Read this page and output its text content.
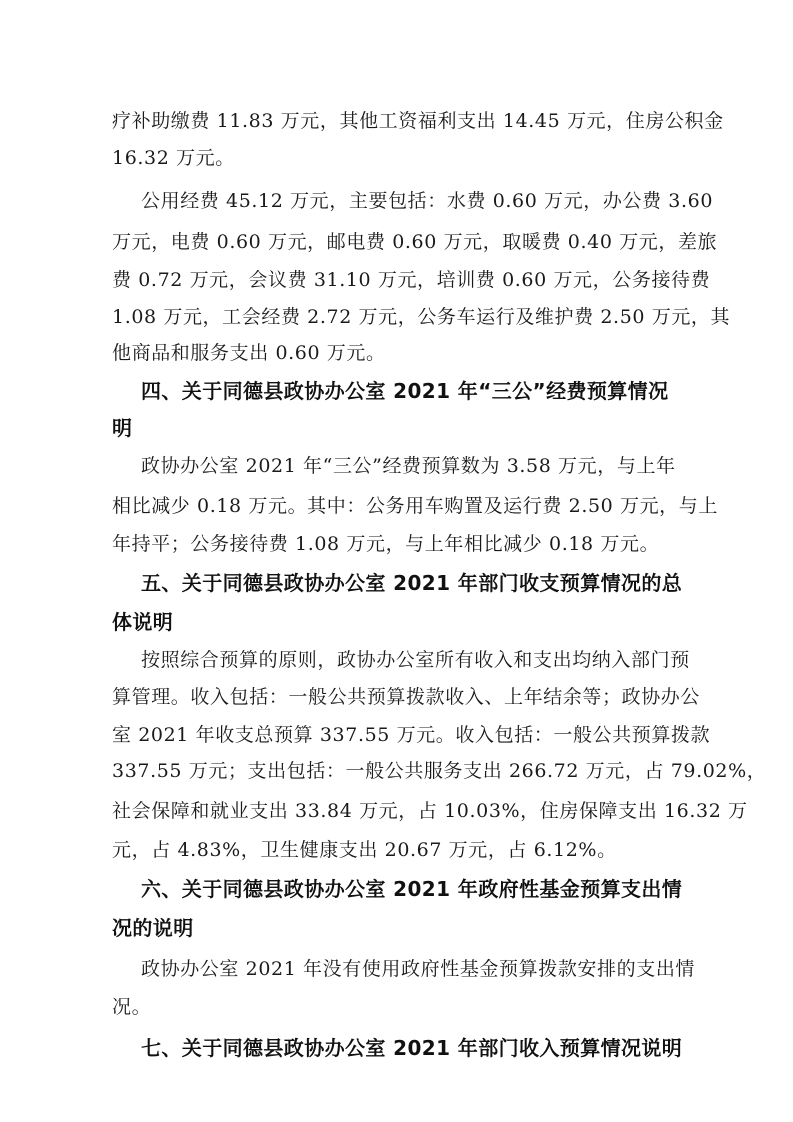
疗补助缴费 11.83 万元，其他工资福利支出 14.45 万元，住房公积金
16.32 万元。
公用经费 45.12 万元，主要包括：水费 0.60 万元，办公费 3.60
万元，电费 0.60 万元，邮电费 0.60 万元，取暖费 0.40 万元，差旅
费 0.72 万元，会议费 31.10 万元，培训费 0.60 万元，公务接待费
1.08 万元，工会经费 2.72 万元，公务车运行及维护费 2.50 万元，其
他商品和服务支出 0.60 万元。
四、关于同德县政协办公室 2021 年“三公”经费预算情况
明
政协办公室 2021 年“三公”经费预算数为 3.58 万元，与上年
相比减少 0.18 万元。其中：公务用车购置及运行费 2.50 万元，与上
年持平；公务接待费 1.08 万元，与上年相比减少 0.18 万元。
五、关于同德县政协办公室 2021 年部门收支预算情况的总
体说明
按照综合预算的原则，政协办公室所有收入和支出均纳入部门预
算管理。收入包括：一般公共预算拨款收入、上年结余等；政协办公
室 2021 年收支总预算 337.55 万元。收入包括：一般公共预算拨款
337.55 万元；支出包括：一般公共服务支出 266.72 万元，占 79.02%，
社会保障和就业支出 33.84 万元，占 10.03%，住房保障支出 16.32 万
元，占 4.83%，卫生健康支出 20.67 万元，占 6.12%。
六、关于同德县政协办公室 2021 年政府性基金预算支出情
况的说明
政协办公室 2021 年没有使用政府性基金预算拨款安排的支出情
况。
七、关于同德县政协办公室 2021 年部门收入预算情况说明
